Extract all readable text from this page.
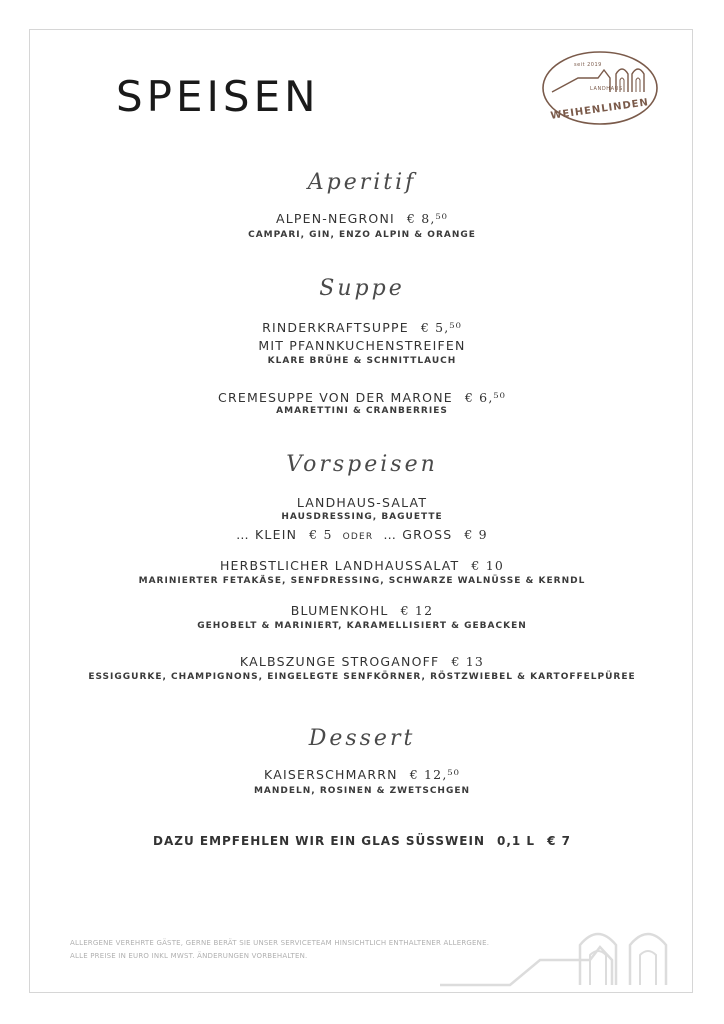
SPEISEN
seit 2019
LANDHAUS
WEIHENLINDEN
Aperitif
ALPEN-NEGRONI € 8,⁵⁰
CAMPARI, GIN, ENZO ALPIN & ORANGE
Suppe
RINDERKRAFTSUPPE € 5,⁵⁰
MIT PFANNKUCHENSTREIFEN
KLARE BRÜHE & SCHNITTLAUCH
CREMESUPPE VON DER MARONE € 6,⁵⁰
AMARETTINI & CRANBERRIES
Vorspeisen
LANDHAUS-SALAT
HAUSDRESSING, BAGUETTE
… KLEIN € 5 ODER … GROSS € 9
HERBSTLICHER LANDHAUSSALAT € 10
MARINIERTER FETAKÄSE, SENFDRESSING, SCHWARZE WALNÜSSE & KERNDL
BLUMENKOHL € 12
GEHOBELT & MARINIERT, KARAMELLISIERT & GEBACKEN
KALBSZUNGE STROGANOFF € 13
ESSIGGURKE, CHAMPIGNONS, EINGELEGTE SENFKÖRNER, RÖSTZWIEBEL & KARTOFFELPÜREE
Dessert
KAISERSCHMARRN € 12,⁵⁰
MANDELN, ROSINEN & ZWETSCHGEN
DAZU EMPFEHLEN WIR EIN GLAS SÜSSWEIN 0,1 L € 7
ALLERGENE VEREHRTE GÄSTE, GERNE BERÄT SIE UNSER SERVICETEAM HINSICHTLICH ENTHALTENER ALLERGENE.
ALLE PREISE IN EURO INKL MWST. ÄNDERUNGEN VORBEHALTEN.
